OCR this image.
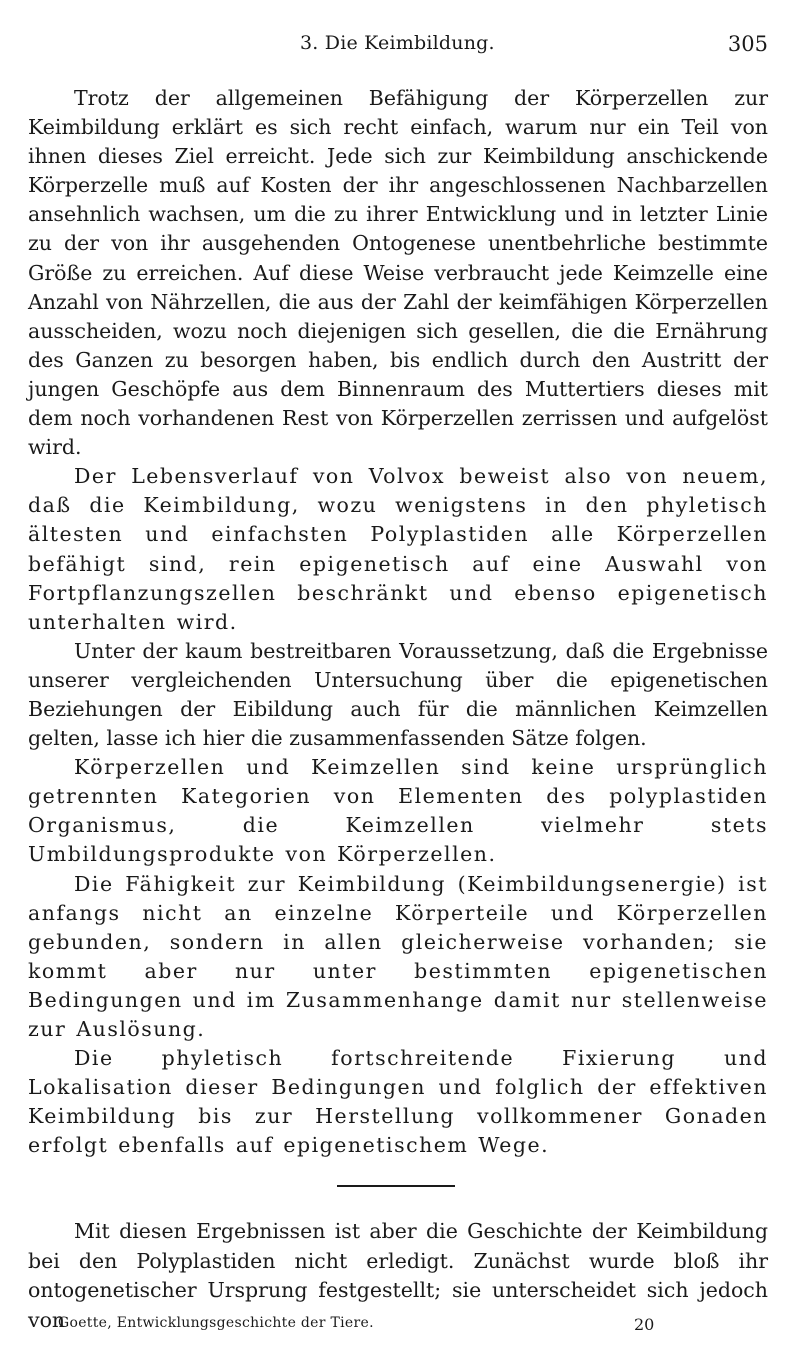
3. Die Keimbildung.	305

Trotz der allgemeinen Befähigung der Körperzellen zur Keimbildung erklärt es sich recht einfach, warum nur ein Teil von ihnen dieses Ziel erreicht. Jede sich zur Keimbildung anschickende Körperzelle muß auf Kosten der ihr angeschlossenen Nachbarzellen ansehnlich wachsen, um die zu ihrer Entwicklung und in letzter Linie zu der von ihr ausgehenden Ontogenese unentbehrliche bestimmte Größe zu erreichen. Auf diese Weise verbraucht jede Keimzelle eine Anzahl von Nährzellen, die aus der Zahl der keimfähigen Körperzellen ausscheiden, wozu noch diejenigen sich gesellen, die die Ernährung des Ganzen zu besorgen haben, bis endlich durch den Austritt der jungen Geschöpfe aus dem Binnenraum des Muttertiers dieses mit dem noch vorhandenen Rest von Körperzellen zerrissen und aufgelöst wird.

Der Lebensverlauf von Volvox beweist also von neuem, daß die Keimbildung, wozu wenigstens in den phyletisch ältesten und einfachsten Polyplastiden alle Körperzellen befähigt sind, rein epigenetisch auf eine Auswahl von Fortpflanzungszellen beschränkt und ebenso epigenetisch unterhalten wird.

Unter der kaum bestreitbaren Voraussetzung, daß die Ergebnisse unserer vergleichenden Untersuchung über die epigenetischen Beziehungen der Eibildung auch für die männlichen Keimzellen gelten, lasse ich hier die zusammenfassenden Sätze folgen.

Körperzellen und Keimzellen sind keine ursprünglich getrennten Kategorien von Elementen des polyplastiden Organismus, die Keimzellen vielmehr stets Umbildungsprodukte von Körperzellen.

Die Fähigkeit zur Keimbildung (Keimbildungsenergie) ist anfangs nicht an einzelne Körperteile und Körperzellen gebunden, sondern in allen gleicherweise vorhanden; sie kommt aber nur unter bestimmten epigenetischen Bedingungen und im Zusammenhange damit nur stellenweise zur Auslösung.

Die phyletisch fortschreitende Fixierung und Lokalisation dieser Bedingungen und folglich der effektiven Keimbildung bis zur Herstellung vollkommener Gonaden erfolgt ebenfalls auf epigenetischem Wege.

Mit diesen Ergebnissen ist aber die Geschichte der Keimbildung bei den Polyplastiden nicht erledigt. Zunächst wurde bloß ihr ontogenetischer Ursprung festgestellt; sie unterscheidet sich jedoch von

Goette, Entwicklungsgeschichte der Tiere.	20
